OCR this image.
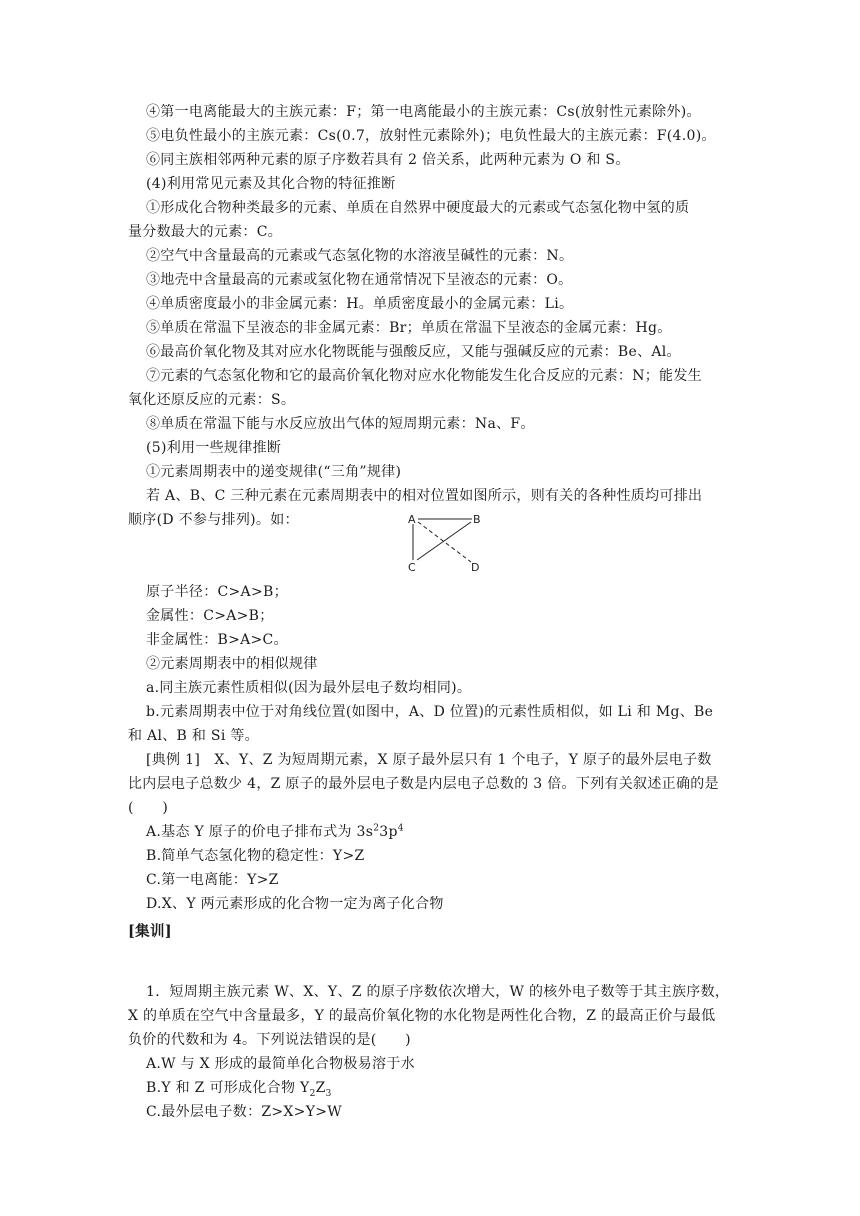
④第一电离能最大的主族元素：F；第一电离能最小的主族元素：Cs(放射性元素除外)。
⑤电负性最小的主族元素：Cs(0.7，放射性元素除外)；电负性最大的主族元素：F(4.0)。
⑥同主族相邻两种元素的原子序数若具有 2 倍关系，此两种元素为 O 和 S。
(4)利用常见元素及其化合物的特征推断
①形成化合物种类最多的元素、单质在自然界中硬度最大的元素或气态氢化物中氢的质
量分数最大的元素：C。
②空气中含量最高的元素或气态氢化物的水溶液呈碱性的元素：N。
③地壳中含量最高的元素或氢化物在通常情况下呈液态的元素：O。
④单质密度最小的非金属元素：H。单质密度最小的金属元素：Li。
⑤单质在常温下呈液态的非金属元素：Br；单质在常温下呈液态的金属元素：Hg。
⑥最高价氧化物及其对应水化物既能与强酸反应，又能与强碱反应的元素：Be、Al。
⑦元素的气态氢化物和它的最高价氧化物对应水化物能发生化合反应的元素：N；能发生
氧化还原反应的元素：S。
⑧单质在常温下能与水反应放出气体的短周期元素：Na、F。
(5)利用一些规律推断
①元素周期表中的递变规律(“三角”规律)
若 A、B、C 三种元素在元素周期表中的相对位置如图所示，则有关的各种性质均可排出
顺序(D 不参与排列)。如：	A	B
C	D
原子半径：C>A>B；
金属性：C>A>B；
非金属性：B>A>C。
②元素周期表中的相似规律
a.同主族元素性质相似(因为最外层电子数均相同)。
b.元素周期表中位于对角线位置(如图中，A、D 位置)的元素性质相似，如 Li 和 Mg、Be
和 Al、B 和 Si 等。
[典例 1]　X、Y、Z 为短周期元素，X 原子最外层只有 1 个电子，Y 原子的最外层电子数
比内层电子总数少 4，Z 原子的最外层电子数是内层电子总数的 3 倍。下列有关叙述正确的是
(　　)
A.基态 Y 原子的价电子排布式为 $3s^23p^4$
B.简单气态氢化物的稳定性：Y>Z
C.第一电离能：Y>Z
D.X、Y 两元素形成的化合物一定为离子化合物
[集训]
1．短周期主族元素 W、X、Y、Z 的原子序数依次增大，W 的核外电子数等于其主族序数，
X 的单质在空气中含量最多，Y 的最高价氧化物的水化物是两性化合物，Z 的最高正价与最低
负价的代数和为 4。下列说法错误的是(　　)
A.W 与 X 形成的最简单化合物极易溶于水
B.Y 和 Z 可形成化合物 $Y_2Z_3$
C.最外层电子数：Z>X>Y>W
